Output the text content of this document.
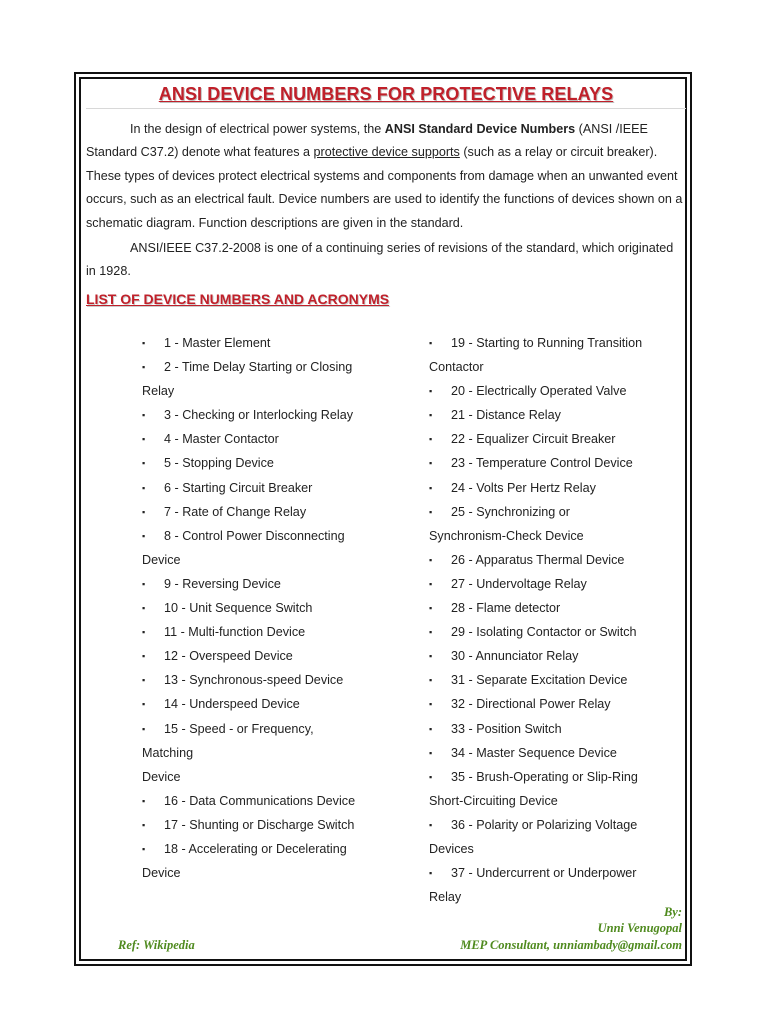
ANSI DEVICE NUMBERS FOR PROTECTIVE RELAYS
In the design of electrical power systems, the ANSI Standard Device Numbers (ANSI /IEEE Standard C37.2) denote what features a protective device supports (such as a relay or circuit breaker). These types of devices protect electrical systems and components from damage when an unwanted event occurs, such as an electrical fault. Device numbers are used to identify the functions of devices shown on a schematic diagram. Function descriptions are given in the standard.
ANSI/IEEE C37.2-2008 is one of a continuing series of revisions of the standard, which originated in 1928.
LIST OF DEVICE NUMBERS AND ACRONYMS
▪ 1 - Master Element
▪ 2 - Time Delay Starting or Closing
Relay
▪ 3 - Checking or Interlocking Relay
▪ 4 - Master Contactor
▪ 5 - Stopping Device
▪ 6 - Starting Circuit Breaker
▪ 7 - Rate of Change Relay
▪ 8 - Control Power Disconnecting
Device
▪ 9 - Reversing Device
▪ 10 - Unit Sequence Switch
▪ 11 - Multi-function Device
▪ 12 - Overspeed Device
▪ 13 - Synchronous-speed Device
▪ 14 - Underspeed Device
▪ 15 - Speed - or Frequency,
Matching
Device
▪ 16 - Data Communications Device
▪ 17 - Shunting or Discharge Switch
▪ 18 - Accelerating or Decelerating
Device
▪ 19 - Starting to Running Transition
Contactor
▪ 20 - Electrically Operated Valve
▪ 21 - Distance Relay
▪ 22 - Equalizer Circuit Breaker
▪ 23 - Temperature Control Device
▪ 24 - Volts Per Hertz Relay
▪ 25 - Synchronizing or
Synchronism-Check Device
▪ 26 - Apparatus Thermal Device
▪ 27 - Undervoltage Relay
▪ 28 - Flame detector
▪ 29 - Isolating Contactor or Switch
▪ 30 - Annunciator Relay
▪ 31 - Separate Excitation Device
▪ 32 - Directional Power Relay
▪ 33 - Position Switch
▪ 34 - Master Sequence Device
▪ 35 - Brush-Operating or Slip-Ring
Short-Circuiting Device
▪ 36 - Polarity or Polarizing Voltage
Devices
▪ 37 - Undercurrent or Underpower
Relay
By:
Unni Venugopal
MEP Consultant, unniambady@gmail.com
Ref: Wikipedia
